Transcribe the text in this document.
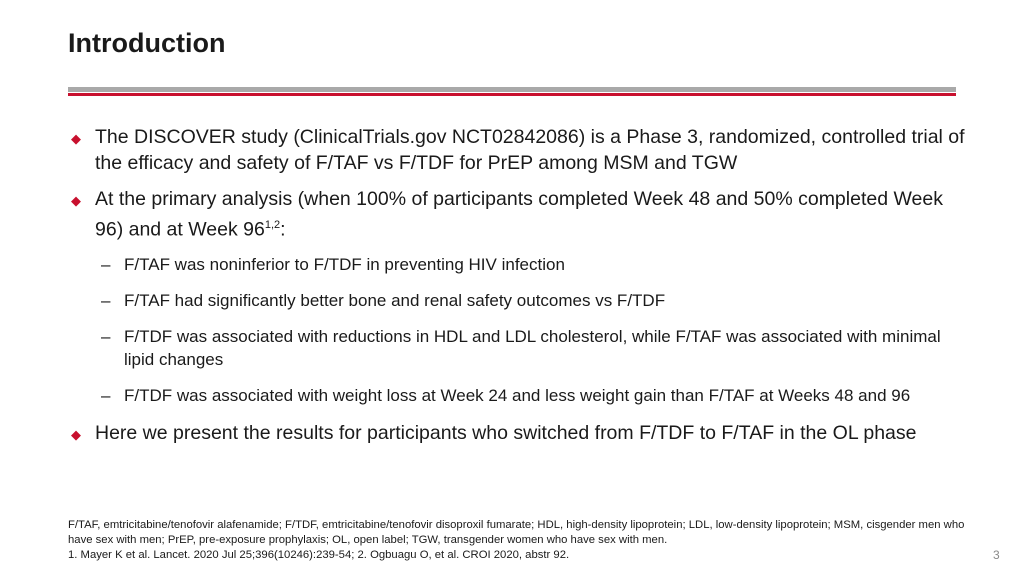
Introduction
◆ The DISCOVER study (ClinicalTrials.gov NCT02842086) is a Phase 3, randomized, controlled trial of the efficacy and safety of F/TAF vs F/TDF for PrEP among MSM and TGW
◆ At the primary analysis (when 100% of participants completed Week 48 and 50% completed Week 96) and at Week 96$^{1,2}$:
– F/TAF was noninferior to F/TDF in preventing HIV infection
– F/TAF had significantly better bone and renal safety outcomes vs F/TDF
– F/TDF was associated with reductions in HDL and LDL cholesterol, while F/TAF was associated with minimal lipid changes
– F/TDF was associated with weight loss at Week 24 and less weight gain than F/TAF at Weeks 48 and 96
◆ Here we present the results for participants who switched from F/TDF to F/TAF in the OL phase
F/TAF, emtricitabine/tenofovir alafenamide; F/TDF, emtricitabine/tenofovir disoproxil fumarate; HDL, high-density lipoprotein; LDL, low-density lipoprotein; MSM, cisgender men who have sex with men; PrEP, pre-exposure prophylaxis; OL, open label; TGW, transgender women who have sex with men.
1. Mayer K et al. Lancet. 2020 Jul 25;396(10246):239-54; 2. Ogbuagu O, et al. CROI 2020, abstr 92.	3
